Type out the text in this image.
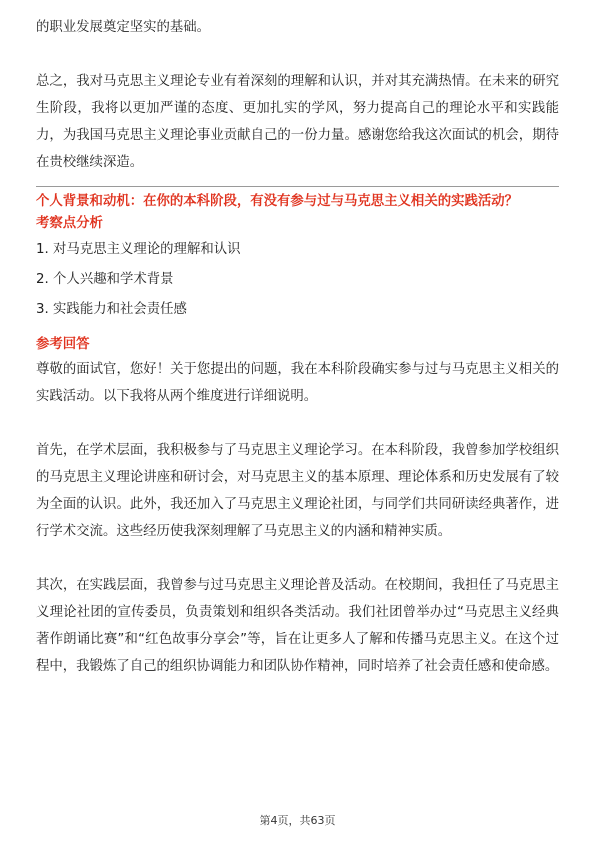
的职业发展奠定坚实的基础。

总之，我对马克思主义理论专业有着深刻的理解和认识，并对其充满热情。在未来的研究生阶段，我将以更加严谨的态度、更加扎实的学风，努力提高自己的理论水平和实践能力，为我国马克思主义理论事业贡献自己的一份力量。感谢您给我这次面试的机会，期待在贵校继续深造。

个人背景和动机：在你的本科阶段，有没有参与过与马克思主义相关的实践活动？

考察点分析

1. 对马克思主义理论的理解和认识
2. 个人兴趣和学术背景
3. 实践能力和社会责任感

参考回答

尊敬的面试官，您好！关于您提出的问题，我在本科阶段确实参与过与马克思主义相关的实践活动。以下我将从两个维度进行详细说明。

首先，在学术层面，我积极参与了马克思主义理论学习。在本科阶段，我曾参加学校组织的马克思主义理论讲座和研讨会，对马克思主义的基本原理、理论体系和历史发展有了较为全面的认识。此外，我还加入了马克思主义理论社团，与同学们共同研读经典著作，进行学术交流。这些经历使我深刻理解了马克思主义的内涵和精神实质。

其次，在实践层面，我曾参与过马克思主义理论普及活动。在校期间，我担任了马克思主义理论社团的宣传委员，负责策划和组织各类活动。我们社团曾举办过“马克思主义经典著作朗诵比赛”和“红色故事分享会”等，旨在让更多人了解和传播马克思主义。在这个过程中，我锻炼了自己的组织协调能力和团队协作精神，同时培养了社会责任感和使命感。

第4页，共63页
